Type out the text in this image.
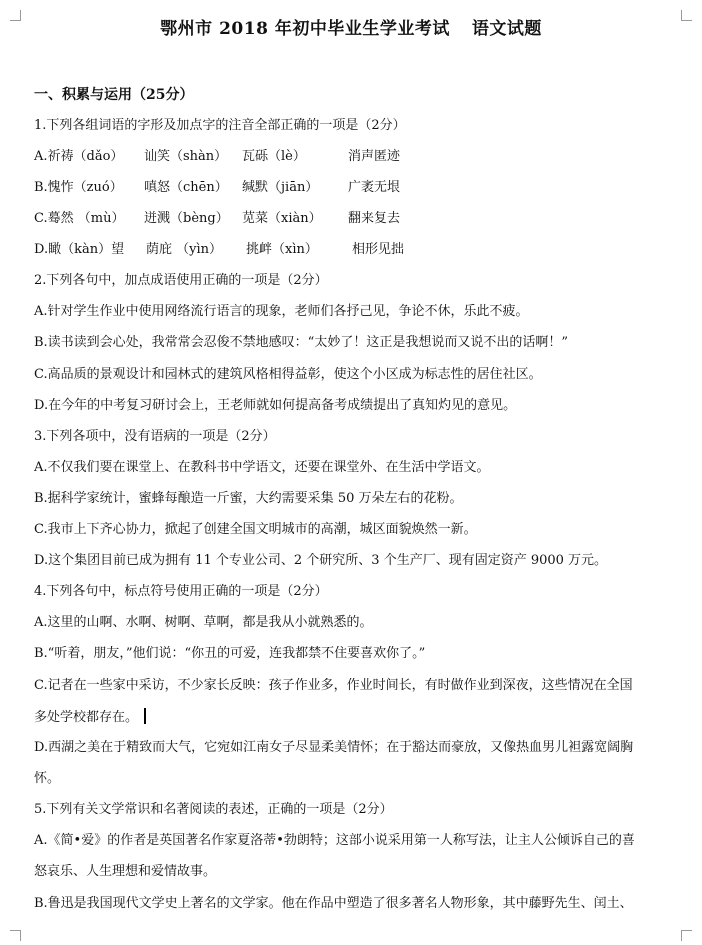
鄂州市 2018 年初中毕业生学业考试 语文试题
一、积累与运用（25分）
1.下列各组词语的字形及加点字的注音全部正确的一项是（2分）
A.祈祷（dǎo） 讪笑（shàn） 瓦砾（lè）	消声匿迹
B.愧怍（zuó） 嗔怒（chēn） 缄默（jiān） 广袤无垠
C.蓦然 （mù） 迸溅（bèng） 苋菜（xiàn） 翻来复去
D.瞰（kàn）望 荫庇 （yìn） 挑衅（xìn）	相形见拙
2.下列各句中，加点成语使用正确的一项是（2分）
A.针对学生作业中使用网络流行语言的现象，老师们各抒己见，争论不休，乐此不疲。
B.读书读到会心处，我常常会忍俊不禁地感叹：“太妙了！这正是我想说而又说不出的话啊！”
C.高品质的景观设计和园林式的建筑风格相得益彰，使这个小区成为标志性的居住社区。
D.在今年的中考复习研讨会上，王老师就如何提高备考成绩提出了真知灼见的意见。
3.下列各项中，没有语病的一项是（2分）
A.不仅我们要在课堂上、在教科书中学语文，还要在课堂外、在生活中学语文。
B.据科学家统计，蜜蜂每酿造一斤蜜，大约需要采集 50 万朵左右的花粉。
C.我市上下齐心协力，掀起了创建全国文明城市的高潮，城区面貌焕然一新。
D.这个集团目前已成为拥有 11 个专业公司、2 个研究所、3 个生产厂、现有固定资产 9000 万元。
4.下列各句中，标点符号使用正确的一项是（2分）
A.这里的山啊、水啊、树啊、草啊，都是我从小就熟悉的。
B.“听着，朋友，”他们说：“你丑的可爱，连我都禁不住要喜欢你了。”
C.记者在一些家中采访，不少家长反映：孩子作业多，作业时间长，有时做作业到深夜，这些情况在全国
多处学校都存在。
D.西湖之美在于精致而大气，它宛如江南女子尽显柔美情怀；在于豁达而豪放，又像热血男儿袒露宽阔胸
怀。
5.下列有关文学常识和名著阅读的表述，正确的一项是（2分）
A.《简•爱》的作者是英国著名作家夏洛蒂•勃朗特；这部小说采用第一人称写法，让主人公倾诉自己的喜
怒哀乐、人生理想和爱情故事。
B.鲁迅是我国现代文学史上著名的文学家。他在作品中塑造了很多著名人物形象，其中藤野先生、闰土、
